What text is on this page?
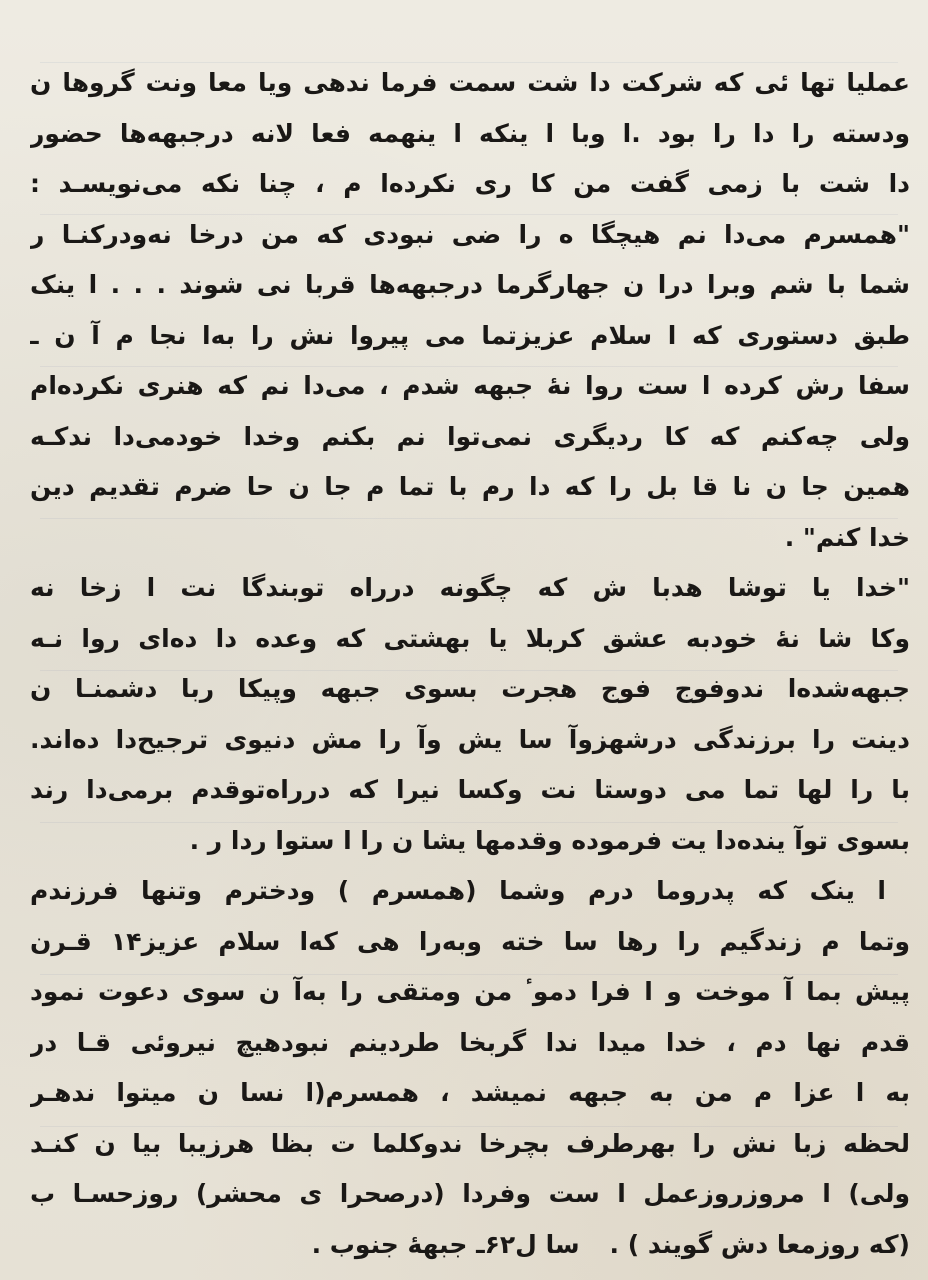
عملیا تها ئی که شرکت دا شت سمت فرما ندهی ویا معا ونت گروها ن
ودسته را دا را بود .ا وبا ا ینکه ا ینهمه فعا لانه درجبهه‌ها حضور
دا شت با زمی گفت من کا ری نکرده‌ا م ، چنا نکه می‌نویسـد :
"همسرم می‌دا نم هیچگا ه را ضی نبودی که من درخا نه‌ودرکنـا ر
شما با شم وبرا درا ن جها‌رگرما درجبهه‌ها قربا نی شوند . . . ا ینک
طبق دستوری که ا سلام عزیزتما می پیروا نش را به‌ا نجا م آ ن ـ
سفا رش کرده ا ست روا نهٔ جبهه شدم ، می‌دا نم که هنری نکرده‌ام
ولی چه‌کنم که کا ردیگری نمی‌توا نم بکنم وخدا خودمی‌دا ندکـه
همین جا ن نا قا بل را که دا رم با تما م جا ن حا ضرم تقدیم دین
خدا کنم" .
"خدا یا توشا هدبا ش که چگونه درراه توبندگا نت ا زخا نه
وکا شا نهٔ خودبه عشق کربلا یا بهشتی که وعده دا ده‌ای روا نـه
جبهه‌شده‌ا ندوفوج فوج هجرت بسوی جبهه وپیکا ربا دشمنـا ن
دینت را برزندگی درشهزوآ سا یش وآ را مش دنیوی ترجیح‌دا ده‌اند.
با را لها تما می دوستا نت وکسا نیرا که درراه‌توقدم برمی‌دا رند
بسوی توآ ینده‌دا یت فرموده وقدمها یشا ن را ا ستوا ردا ر .
ا ینک که پدروما درم وشما (همسرم ) ودخترم وتنها فرزندم
وتما م زندگیم را رها سا خته وبه‌را هی که‌ا سلام عزیز۱۴ قـرن
پیش بما آ موخت و ا فرا دموٴ من ومتقی را به‌آ ن سوی دعوت نمود
قدم نها دم ، خدا میدا ندا گربخا طردینم نبودهیچ نیروئی قـا در
به ا عزا م من به جبهه نمیشد ، همسرم(ا نسا ن میتوا ندهـر
لحظه زبا نش را بهرطرف بچرخا ندوکلما ت بظا هرزیبا بیا ن کنـد
ولی) ا مروزروزعمل ا ست وفردا (درصحرا ی محشر) روزحسـا ب
(که روزمعا دش گویند ) .
سا ل۶۲ـ جبههٔ جنوب .
